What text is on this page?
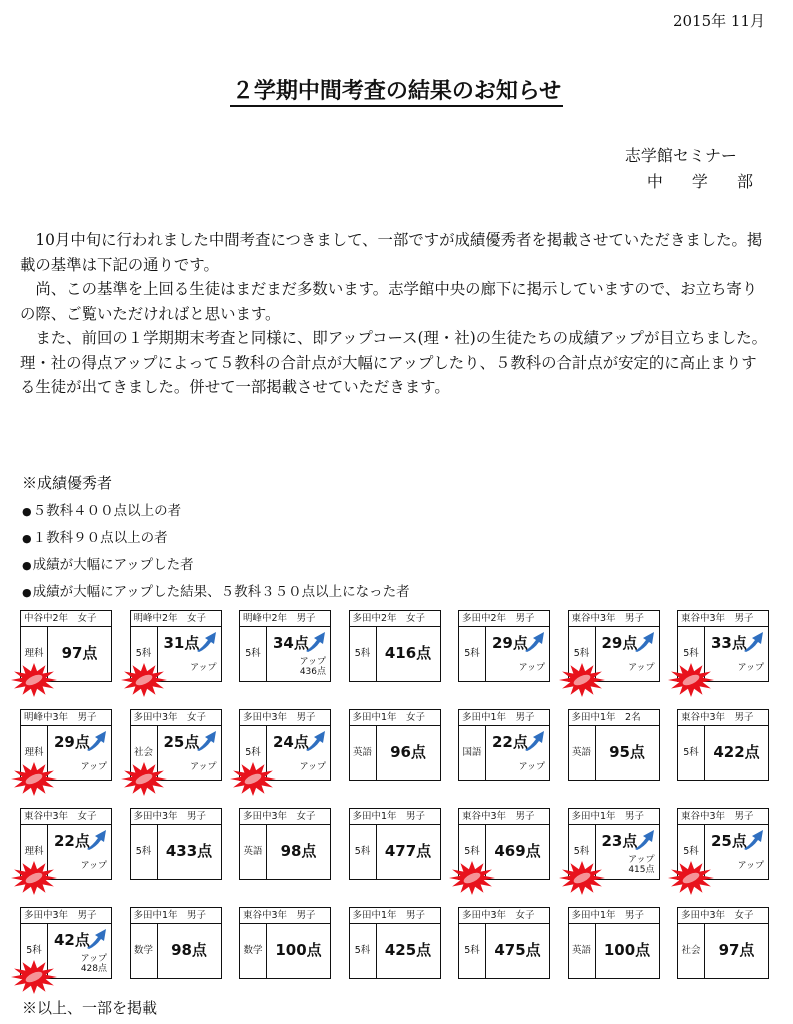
2015年 11月
２学期中間考査の結果のお知らせ
志学館セミナー
中 学 部

10月中旬に行われました中間考査につきまして、一部ですが成績優秀者を掲載させていただきました。掲載の基準は下記の通りです。

尚、この基準を上回る生徒はまだまだ多数います。志学館中央の廊下に掲示していますので、お立ち寄りの際、ご覧いただければと思います。

また、前回の１学期期末考査と同様に、即アップコース(理・社)の生徒たちの成績アップが目立ちました。理・社の得点アップによって５教科の合計点が大幅にアップしたり、５教科の合計点が安定的に高止まりする生徒が出てきました。併せて一部掲載させていただきます。

※成績優秀者
● ５教科４００点以上の者
● １教科９０点以上の者
● 成績が大幅にアップした者
● 成績が大幅にアップした結果、５教科３５０点以上になった者
中谷中2年　女子
理科	97点
明峰中2年　女子
5科
31点
アップ
明峰中2年　男子
5科
34点
アップ
436点
多田中2年　女子
5科 416点
多田中2年　男子
5科
29点
アップ
東谷中3年　男子
5科
29点
アップ
東谷中3年　男子
5科
33点
アップ
明峰中3年　男子
理科
29点
アップ
多田中3年　女子
社会
25点
アップ
多田中3年　男子
5科
24点
アップ
多田中1年　女子
英語	96点
多田中1年　男子
国語
22点
アップ
多田中1年　2名
英語	95点
東谷中3年　男子
5科 422点
東谷中3年　女子
理科
22点
アップ
多田中3年　男子
5科 433点
多田中3年　女子
英語	98点
多田中1年　男子
5科 477点
東谷中3年　男子
5科 469点
多田中1年　男子
5科
23点
アップ
415点
東谷中3年　男子
5科
25点
アップ
多田中3年　男子
5科
42点
アップ
428点
多田中1年　男子
数学	98点
東谷中3年　男子
数学 100点
多田中1年　男子
5科 425点
多田中3年　女子
5科 475点
多田中1年　男子
英語 100点
多田中3年　女子
社会	97点
※以上、一部を掲載
